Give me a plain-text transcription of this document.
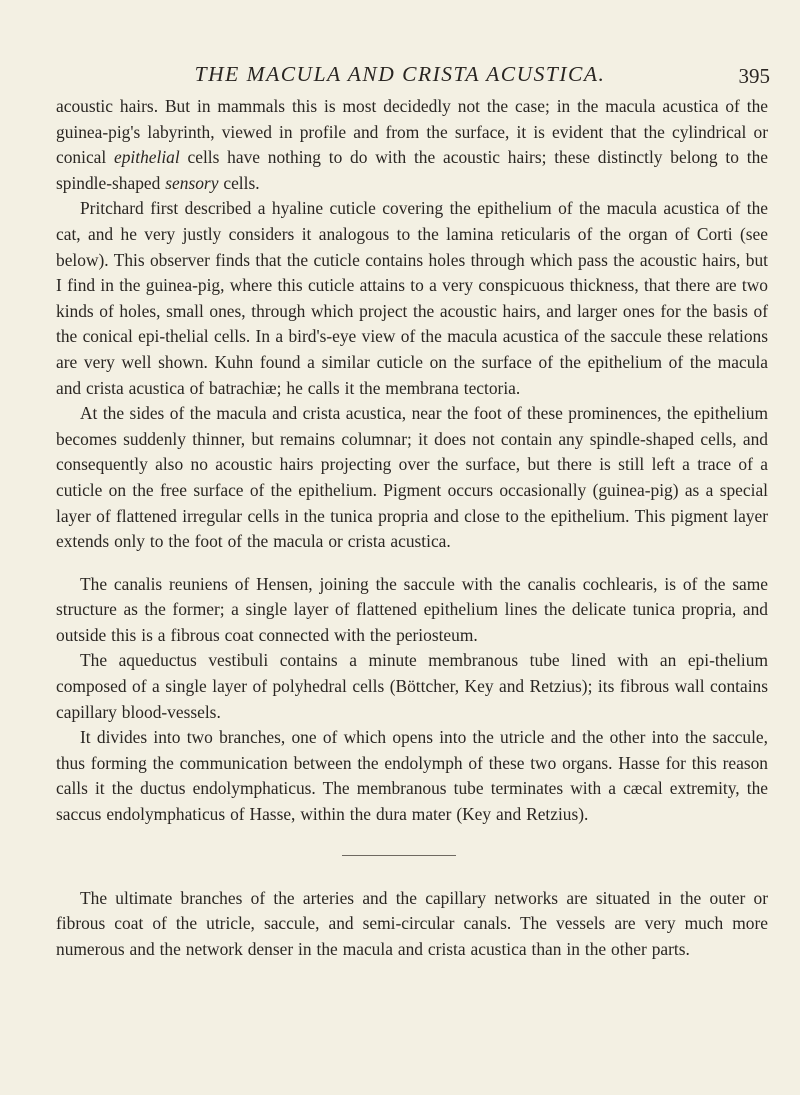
THE MACULA AND CRISTA ACUSTICA.	395

acoustic hairs. But in mammals this is most decidedly not the case; in the macula acustica of the guinea-pig's labyrinth, viewed in profile and from the surface, it is evident that the cylindrical or conical epithelial cells have nothing to do with the acoustic hairs; these distinctly belong to the spindle-shaped sensory cells.

Pritchard first described a hyaline cuticle covering the epithelium of the macula acustica of the cat, and he very justly considers it analogous to the lamina reticularis of the organ of Corti (see below). This observer finds that the cuticle contains holes through which pass the acoustic hairs, but I find in the guinea-pig, where this cuticle attains to a very conspicuous thickness, that there are two kinds of holes, small ones, through which project the acoustic hairs, and larger ones for the basis of the conical epi-thelial cells. In a bird's-eye view of the macula acustica of the saccule these relations are very well shown. Kuhn found a similar cuticle on the surface of the epithelium of the macula and crista acustica of batrachiæ; he calls it the membrana tectoria.

At the sides of the macula and crista acustica, near the foot of these prominences, the epithelium becomes suddenly thinner, but remains columnar; it does not contain any spindle-shaped cells, and consequently also no acoustic hairs projecting over the surface, but there is still left a trace of a cuticle on the free surface of the epithelium. Pigment occurs occasionally (guinea-pig) as a special layer of flattened irregular cells in the tunica propria and close to the epithelium. This pigment layer extends only to the foot of the macula or crista acustica.

The canalis reuniens of Hensen, joining the saccule with the canalis cochlearis, is of the same structure as the former; a single layer of flattened epithelium lines the delicate tunica propria, and outside this is a fibrous coat connected with the periosteum.

The aqueductus vestibuli contains a minute membranous tube lined with an epi-thelium composed of a single layer of polyhedral cells (Böttcher, Key and Retzius); its fibrous wall contains capillary blood-vessels.

It divides into two branches, one of which opens into the utricle and the other into the saccule, thus forming the communication between the endolymph of these two organs. Hasse for this reason calls it the ductus endolymphaticus. The membranous tube terminates with a cæcal extremity, the saccus endolymphaticus of Hasse, within the dura mater (Key and Retzius).

The ultimate branches of the arteries and the capillary networks are situated in the outer or fibrous coat of the utricle, saccule, and semi-circular canals. The vessels are very much more numerous and the network denser in the macula and crista acustica than in the other parts.
